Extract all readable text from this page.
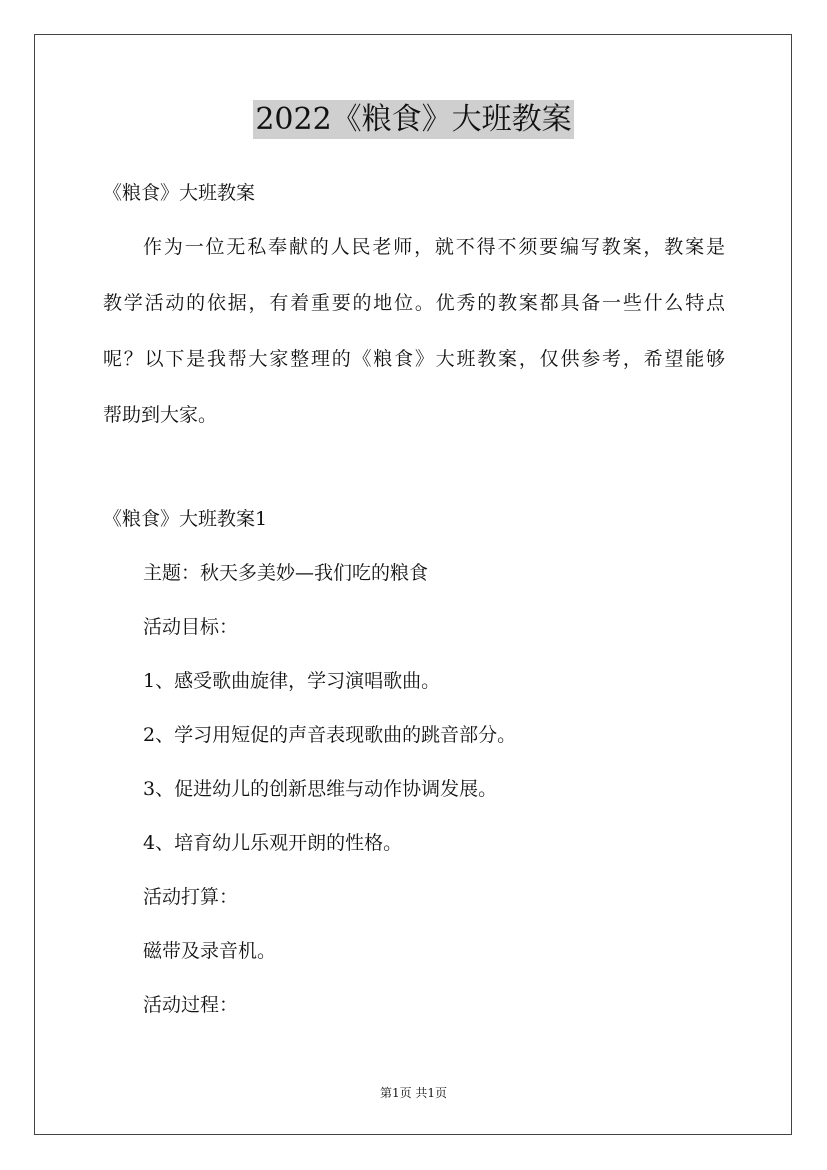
2022《粮食》大班教案
《粮食》大班教案
作为一位无私奉献的人民老师，就不得不须要编写教案，教案是
教学活动的依据，有着重要的地位。优秀的教案都具备一些什么特点
呢？以下是我帮大家整理的《粮食》大班教案，仅供参考，希望能够
帮助到大家。
《粮食》大班教案1
主题：秋天多美妙—我们吃的粮食
活动目标：
1、感受歌曲旋律，学习演唱歌曲。
2、学习用短促的声音表现歌曲的跳音部分。
3、促进幼儿的创新思维与动作协调发展。
4、培育幼儿乐观开朗的性格。
活动打算：
磁带及录音机。
活动过程：
第1页 共1页
